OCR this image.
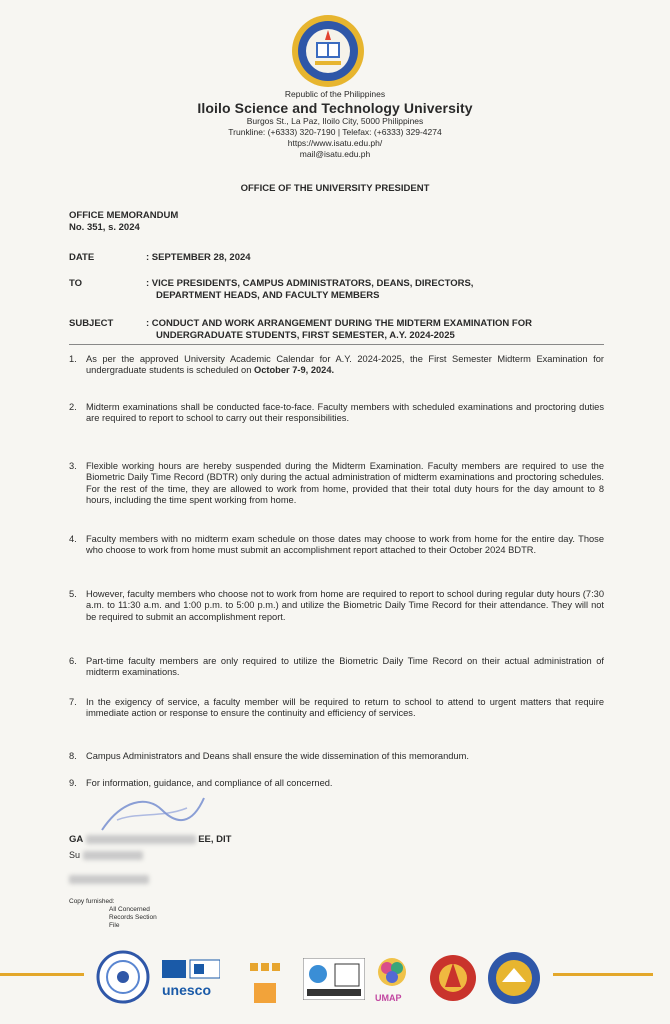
Republic of the Philippines
Iloilo Science and Technology University
Burgos St., La Paz, Iloilo City, 5000 Philippines
Trunkline: (+6333) 320-7190 | Telefax: (+6333) 329-4274
https://www.isatu.edu.ph/
mail@isatu.edu.ph
OFFICE OF THE UNIVERSITY PRESIDENT
OFFICE MEMORANDUM
No. 351, s. 2024
DATE	: SEPTEMBER 28, 2024
TO	: VICE PRESIDENTS, CAMPUS ADMINISTRATORS, DEANS, DIRECTORS,
DEPARTMENT HEADS, AND FACULTY MEMBERS
SUBJECT	: CONDUCT AND WORK ARRANGEMENT DURING THE MIDTERM EXAMINATION FOR
UNDERGRADUATE STUDENTS, FIRST SEMESTER, A.Y. 2024-2025
1. As per the approved University Academic Calendar for A.Y. 2024-2025, the First Semester Midterm Examination for undergraduate students is scheduled on October 7-9, 2024.
2. Midterm examinations shall be conducted face-to-face. Faculty members with scheduled examinations and proctoring duties are required to report to school to carry out their responsibilities.
3. Flexible working hours are hereby suspended during the Midterm Examination. Faculty members are required to use the Biometric Daily Time Record (BDTR) only during the actual administration of midterm examinations and proctoring schedules. For the rest of the time, they are allowed to work from home, provided that their total duty hours for the day amount to 8 hours, including the time spent working from home.
4. Faculty members with no midterm exam schedule on those dates may choose to work from home for the entire day. Those who choose to work from home must submit an accomplishment report attached to their October 2024 BDTR.
5. However, faculty members who choose not to work from home are required to report to school during regular duty hours (7:30 a.m. to 11:30 a.m. and 1:00 p.m. to 5:00 p.m.) and utilize the Biometric Daily Time Record for their attendance. They will not be required to submit an accomplishment report.
6. Part-time faculty members are only required to utilize the Biometric Daily Time Record on their actual administration of midterm examinations.
7. In the exigency of service, a faculty member will be required to return to school to attend to urgent matters that require immediate action or response to ensure the continuity and efficiency of services.
8. Campus Administrators and Deans shall ensure the wide dissemination of this memorandum.
9. For information, guidance, and compliance of all concerned.
GA	EE, DIT
Su
Copy furnished:
All Concerned
Records Section
File
unesco	UMAP
